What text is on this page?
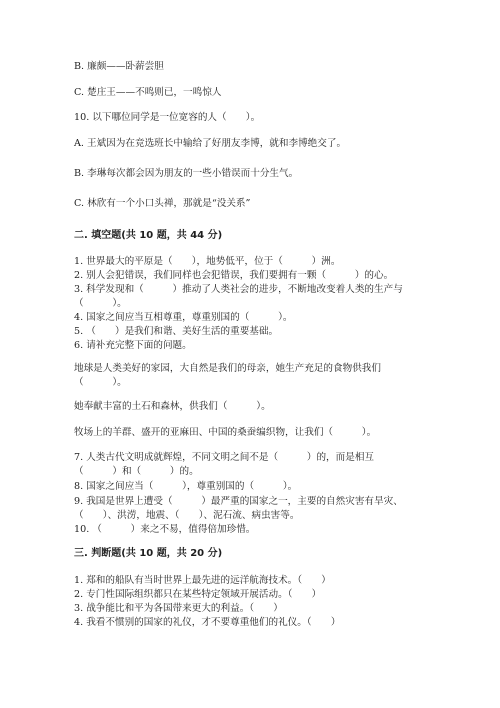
B. 廉颇——卧薪尝胆
C. 楚庄王——不鸣则已，一鸣惊人
10. 以下哪位同学是一位宽容的人（　　）。
A. 王斌因为在竞选班长中输给了好朋友李博，就和李博绝交了。
B. 李琳每次都会因为朋友的一些小错误而十分生气。
C. 林欣有一个小口头禅，那就是“没关系”
二. 填空题(共 10 题，共 44 分)
1. 世界最大的平原是（　　），地势低平，位于（　　　）洲。
2. 别人会犯错误，我们同样也会犯错误，我们要拥有一颗（　　　）的心。
3. 科学发现和（　　　）推动了人类社会的进步，不断地改变着人类的生产与
（　　　）。
4. 国家之间应当互相尊重，尊重别国的（　　　）。
5. （　　）是我们和谐、美好生活的重要基础。
6. 请补充完整下面的问题。
地球是人类美好的家园，大自然是我们的母亲，她生产充足的食物供我们
（　　　）。
她奉献丰富的土石和森林，供我们（　　　）。
牧场上的羊群、盛开的亚麻田、中国的桑蚕编织物，让我们（　　　）。
7. 人类古代文明成就辉煌，不同文明之间不是（　　　）的，而是相互
（　　　）和（　　　）的。
8. 国家之间应当（　　　），尊重别国的（　　　）。
9. 我国是世界上遭受（　　　）最严重的国家之一，主要的自然灾害有旱灾、
（　　）、洪涝，地震、（　　）、泥石流、病虫害等。
10. （　　　）来之不易，值得倍加珍惜。
三. 判断题(共 10 题，共 20 分)
1. 郑和的船队有当时世界上最先进的远洋航海技术。（　　）
2. 专门性国际组织都只在某些特定领域开展活动。（　　）
3. 战争能比和平为各国带来更大的利益。（　　）
4. 我看不惯别的国家的礼仪，才不要尊重他们的礼仪。（　　）
